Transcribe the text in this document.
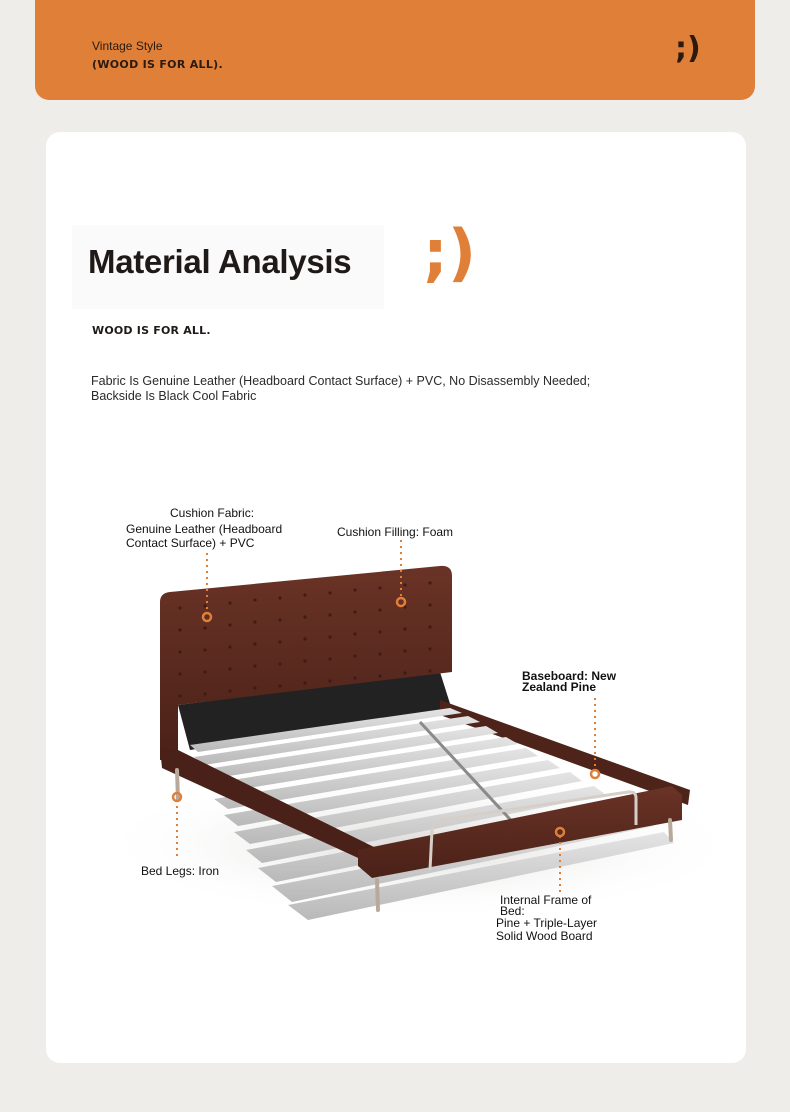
Vintage Style
(WOOD IS FOR ALL).	;)
Material Analysis ;)
WOOD IS FOR ALL.
Fabric Is Genuine Leather (Headboard Contact Surface) + PVC, No Disassembly Needed;
Backside Is Black Cool Fabric
Cushion Fabric:
Genuine Leather (Headboard
Contact Surface) + PVC
Cushion Filling: Foam
Baseboard: New
Zealand Pine
Bed Legs: Iron
Internal Frame of
Bed:
Pine + Triple-Layer
Solid Wood Board
